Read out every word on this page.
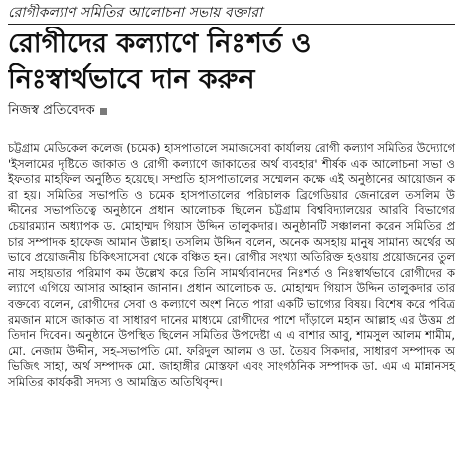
রোগীকল্যাণ সমিতির আলোচনা সভায় বক্তারা
রোগীদের কল্যাণে নিঃশর্ত ও
নিঃস্বার্থভাবে দান করুন
নিজস্ব প্রতিবেদক

চট্টগ্রাম মেডিকেল কলেজ (চমেক) হাসপাতালে সমাজসেবা কার্যালয় রোগী কল্যাণ সমিতির উদ্যোগে 'ইসলামের দৃষ্টিতে জাকাত ও রোগী কল্যাণে জাকাতের অর্থ ব্যবহার' শীর্ষক এক আলোচনা সভা ও ইফতার মাহফিল অনুষ্ঠিত হয়েছে। সম্প্রতি হাসপাতালের সম্মেলন কক্ষে এই অনুষ্ঠানের আয়োজন করা হয়। সমিতির সভাপতি ও চমেক হাসপাতালের পরিচালক ব্রিগেডিয়ার জেনারেল তসলিম উদ্দীনের সভাপতিত্বে অনুষ্ঠানে প্রধান আলোচক ছিলেন চট্টগ্রাম বিশ্ববিদ্যালয়ের আরবি বিভাগের চেয়ারম্যান অধ্যাপক ড. মোহাম্মদ গিয়াস উদ্দিন তালুকদার। অনুষ্ঠানটি সঞ্চালনা করেন সমিতির প্রচার সম্পাদক হাফেজ আমান উল্লাহ। তসলিম উদ্দিন বলেন, অনেক অসহায় মানুষ সামান্য অর্থের অভাবে প্রয়োজনীয় চিকিৎসাসেবা থেকে বঞ্চিত হন। রোগীর সংখ্যা অতিরিক্ত হওয়ায় প্রয়োজনের তুলনায় সহায়তার পরিমাণ কম উল্লেখ করে তিনি সামর্থ্যবানদের নিঃশর্ত ও নিঃস্বার্থভাবে রোগীদের কল্যাণে এগিয়ে আসার আহ্বান জানান। প্রধান আলোচক ড. মোহাম্মদ গিয়াস উদ্দিন তালুকদার তার বক্তব্যে বলেন, রোগীদের সেবা ও কল্যাণে অংশ নিতে পারা একটি ভাগ্যের বিষয়। বিশেষ করে পবিত্র রমজান মাসে জাকাত বা সাধারণ দানের মাধ্যমে রোগীদের পাশে দাঁড়ালে মহান আল্লাহ এর উত্তম প্রতিদান দিবেন। অনুষ্ঠানে উপস্থিত ছিলেন সমিতির উপদেষ্টা এ এ বাশার আবু, শামসুল আলম শামীম, মো. নেজাম উদ্দীন, সহ-সভাপতি মো. ফরিদুল আলম ও ডা. তৈয়ব সিকদার, সাধারণ সম্পাদক অভিজিৎ সাহা, অর্থ সম্পাদক মো. জাহাঙ্গীর মোস্তফা এবং সাংগঠনিক সম্পাদক ডা. এম এ মান্নানসহ সমিতির কার্যকরী সদস্য ও আমন্ত্রিত অতিথিবৃন্দ।
